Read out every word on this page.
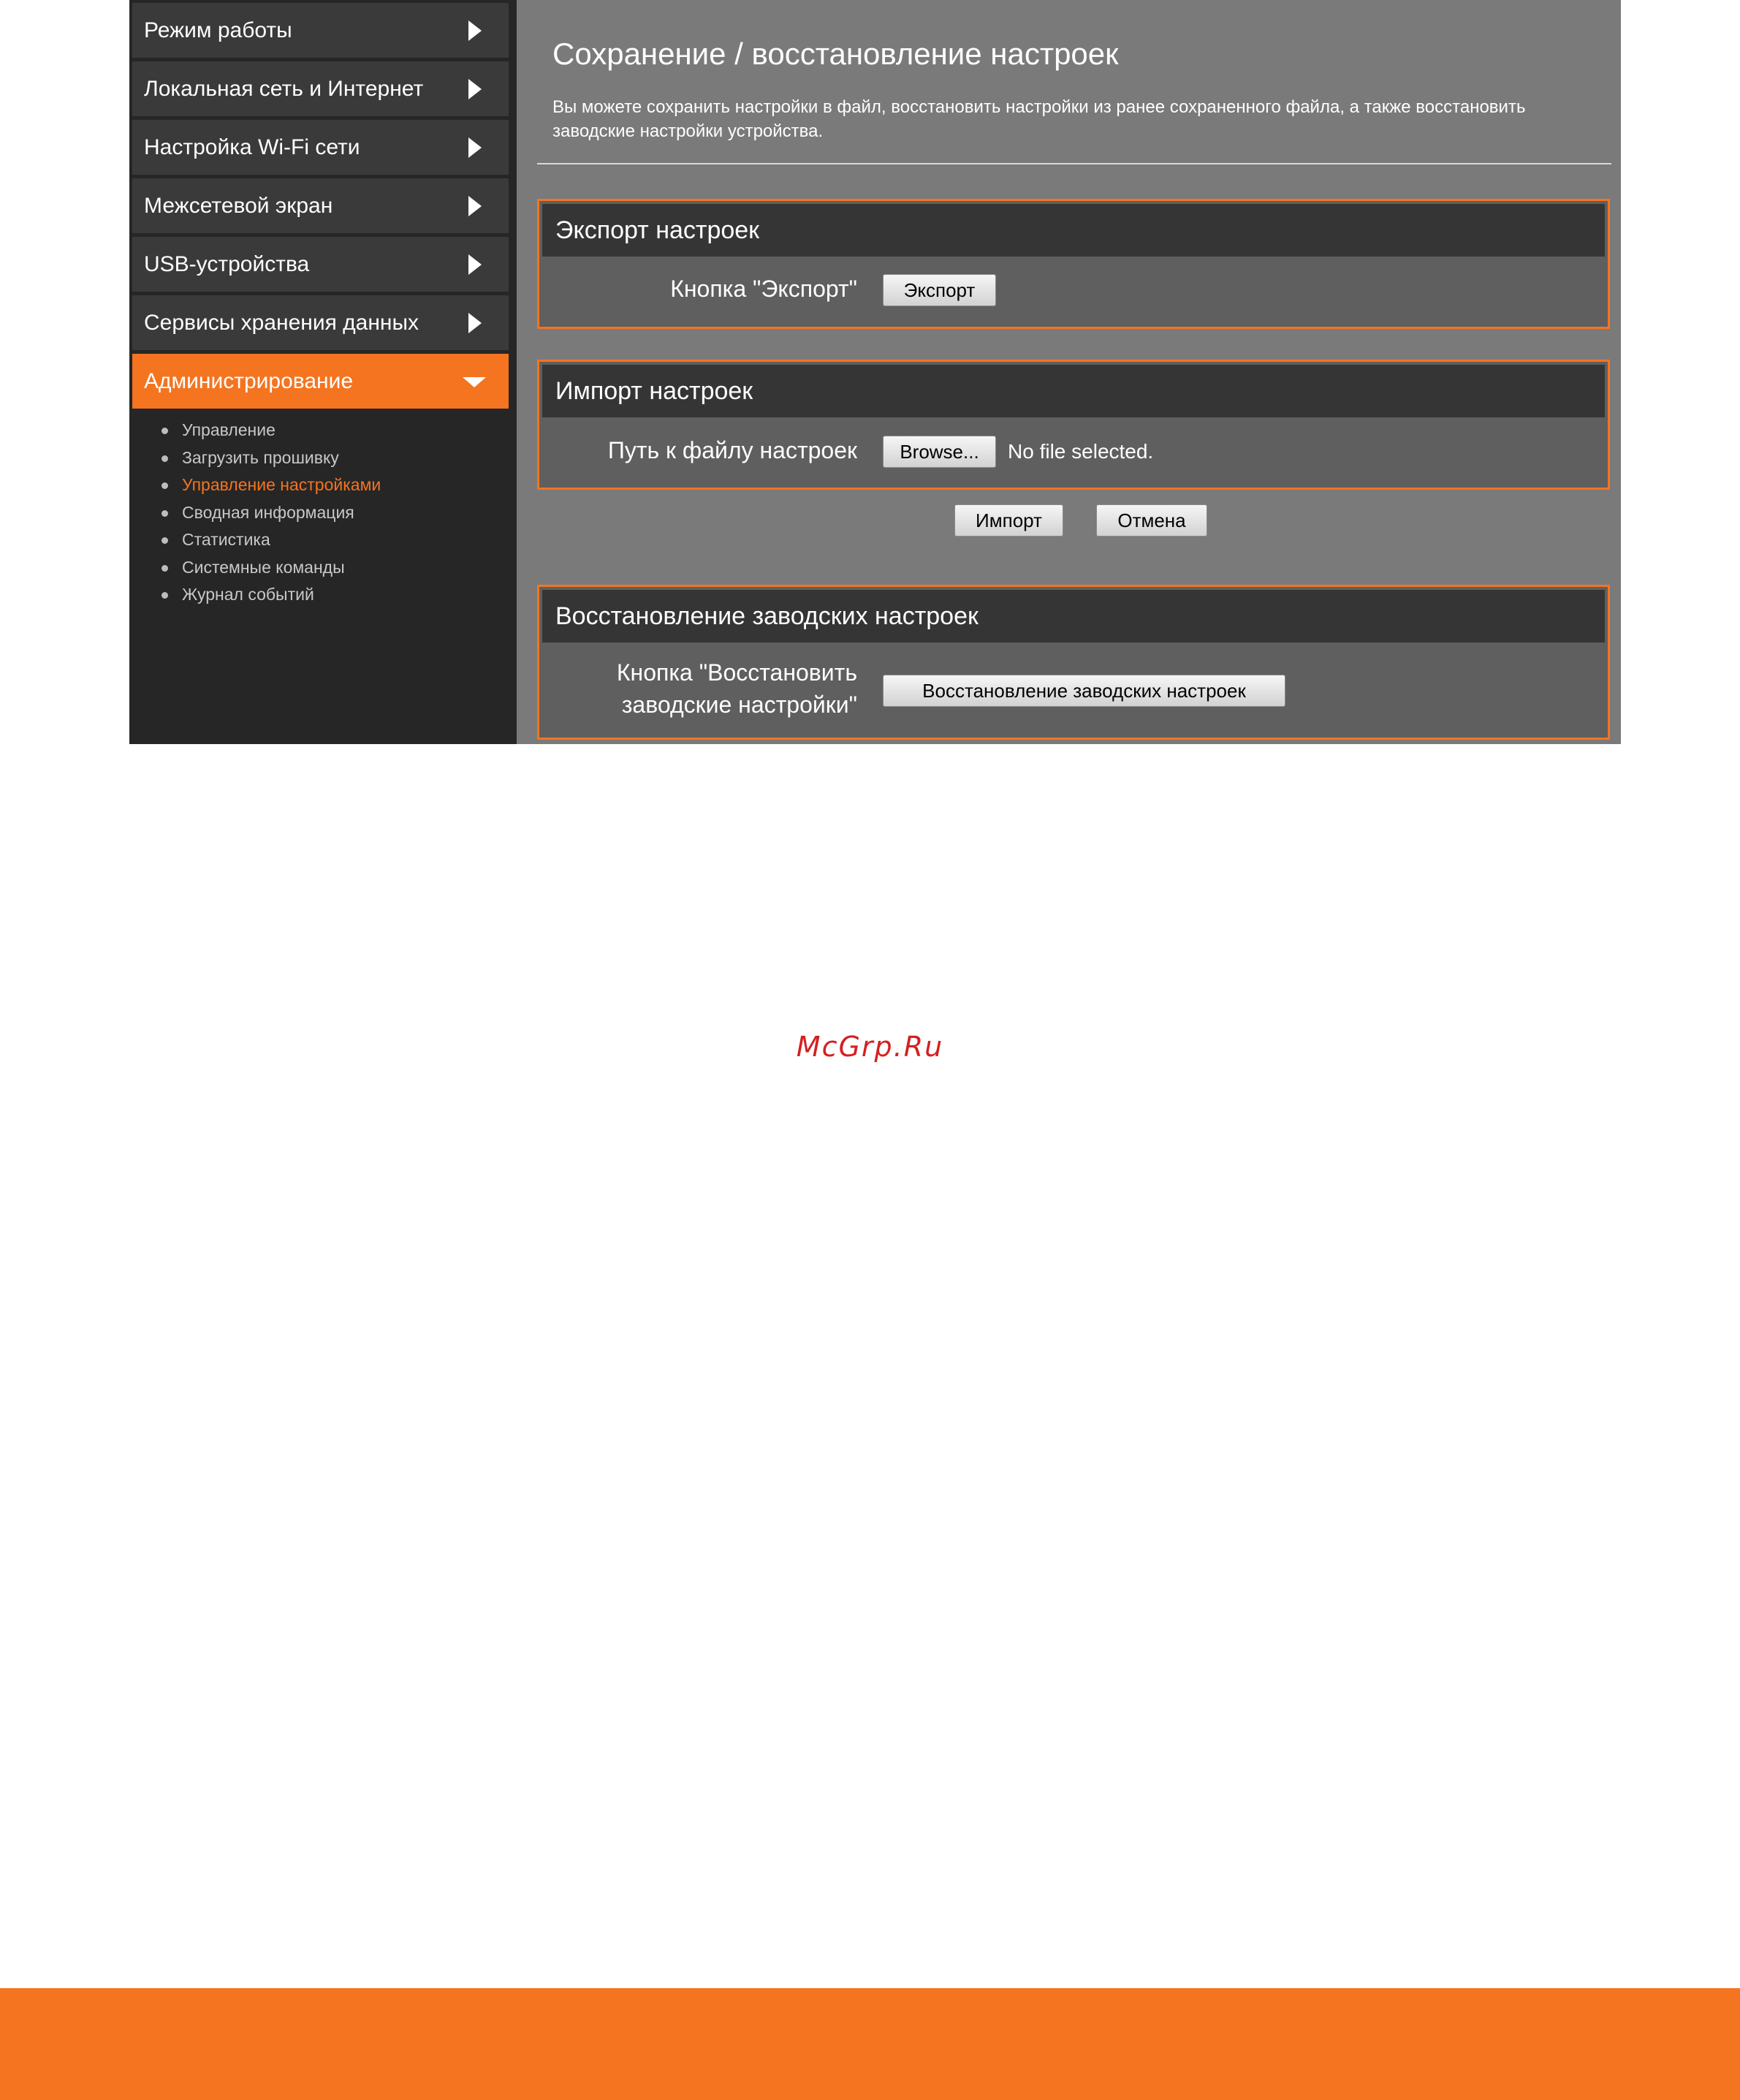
Режим работы
Локальная сеть и Интернет
Настройка Wi-Fi сети
Межсетевой экран
USB-устройства
Сервисы хранения данных
Администрирование
Управление
Загрузить прошивку
Управление настройками
Сводная информация
Статистика
Системные команды
Журнал событий
Сохранение / восстановление настроек
Вы можете сохранить настройки в файл, восстановить настройки из ранее сохраненного файла, а также восстановить заводские настройки устройства.
Экспорт настроек
Кнопка "Экспорт"	Экспорт
Импорт настроек
Путь к файлу настроек	Browse...	No file selected.
Импорт	Отмена
Восстановление заводских настроек
Кнопка "Восстановить
заводские настройки"
Восстановление заводских настроек
McGrp.Ru
